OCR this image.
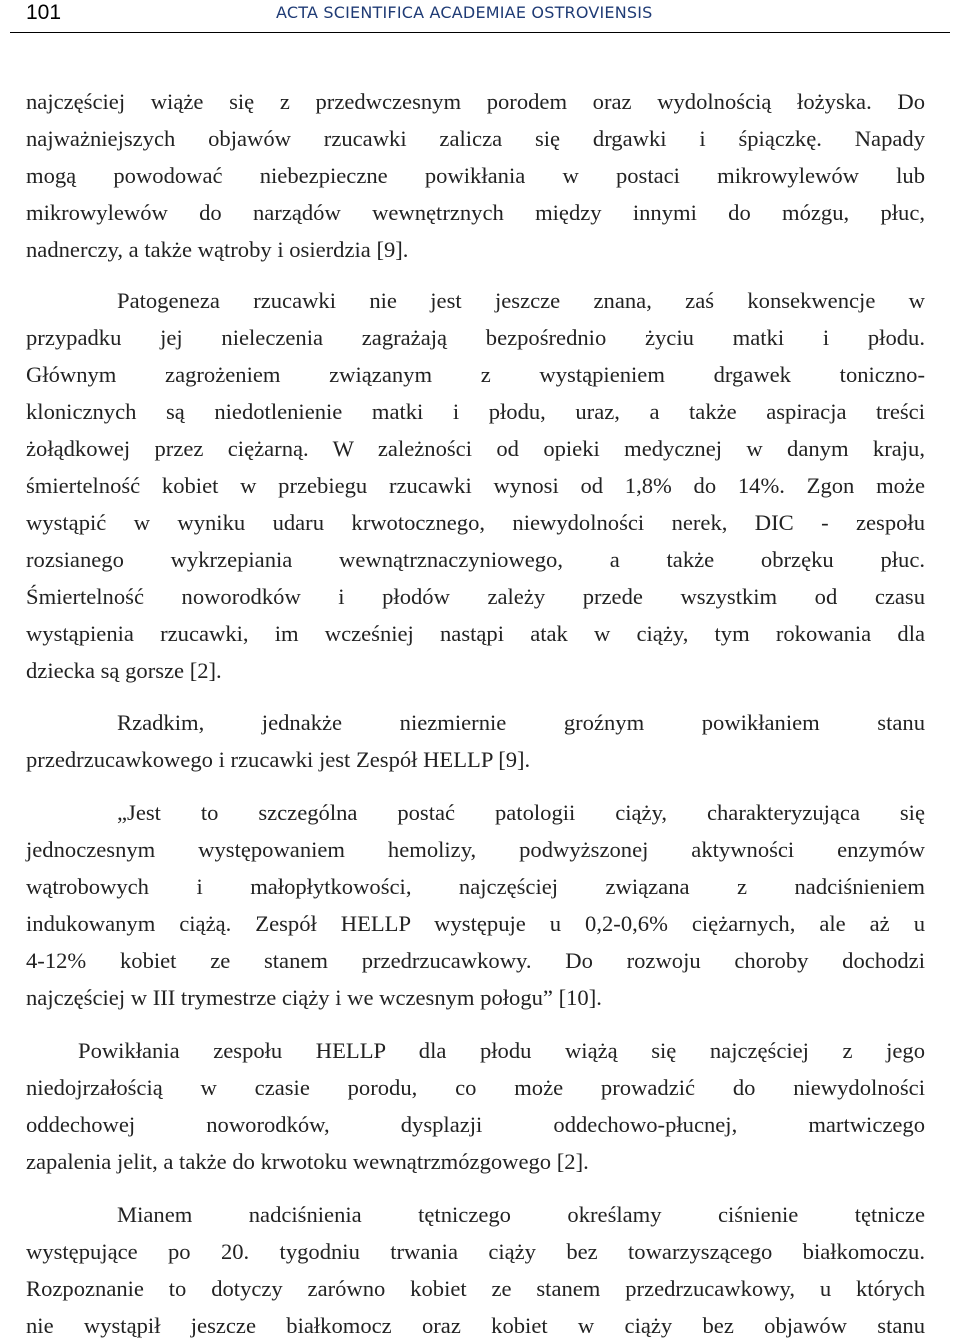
101	ACTA SCIENTIFICA ACADEMIAE OSTROVIENSIS

najczęściej wiąże się z przedwczesnym porodem oraz wydolnością łożyska. Do

najważniejszych objawów rzucawki zalicza się drgawki i śpiączkę. Napady

mogą powodować niebezpieczne powikłania w postaci mikrowylewów lub

mikrowylewów do narządów wewnętrznych między innymi do mózgu, płuc,

nadnerczy, a także wątroby i osierdzia [9].

Patogeneza rzucawki nie jest jeszcze znana, zaś konsekwencje w

przypadku jej nieleczenia zagrażają bezpośrednio życiu matki i płodu.

Głównym zagrożeniem związanym z wystąpieniem drgawek toniczno-

klonicznych są niedotlenienie matki i płodu, uraz, a także aspiracja treści

żołądkowej przez ciężarną. W zależności od opieki medycznej w danym kraju,

śmiertelność kobiet w przebiegu rzucawki wynosi od 1,8% do 14%. Zgon może

wystąpić w wyniku udaru krwotocznego, niewydolności nerek, DIC - zespołu

rozsianego wykrzepiania wewnątrznaczyniowego, a także obrzęku płuc.

Śmiertelność noworodków i płodów zależy przede wszystkim od czasu

wystąpienia rzucawki, im wcześniej nastąpi atak w ciąży, tym rokowania dla

dziecka są gorsze [2].

Rzadkim, jednakże niezmiernie groźnym powikłaniem stanu

przedrzucawkowego i rzucawki jest Zespół HELLP [9].

„Jest to szczególna postać patologii ciąży, charakteryzująca się

jednoczesnym występowaniem hemolizy, podwyższonej aktywności enzymów

wątrobowych i małopłytkowości, najczęściej związana z nadciśnieniem

indukowanym ciążą. Zespół HELLP występuje u 0,2-0,6% ciężarnych, ale aż u

4-12% kobiet ze stanem przedrzucawkowy. Do rozwoju choroby dochodzi

najczęściej w III trymestrze ciąży i we wczesnym połogu” [10].

Powikłania zespołu HELLP dla płodu wiążą się najczęściej z jego

niedojrzałością w czasie porodu, co może prowadzić do niewydolności

oddechowej noworodków, dysplazji oddechowo-płucnej, martwiczego

zapalenia jelit, a także do krwotoku wewnątrzmózgowego [2].

Mianem nadciśnienia tętniczego określamy ciśnienie tętnicze

występujące po 20. tygodniu trwania ciąży bez towarzyszącego białkomoczu.

Rozpoznanie to dotyczy zarówno kobiet ze stanem przedrzucawkowy, u których

nie wystąpił jeszcze białkomocz oraz kobiet w ciąży bez objawów stanu
